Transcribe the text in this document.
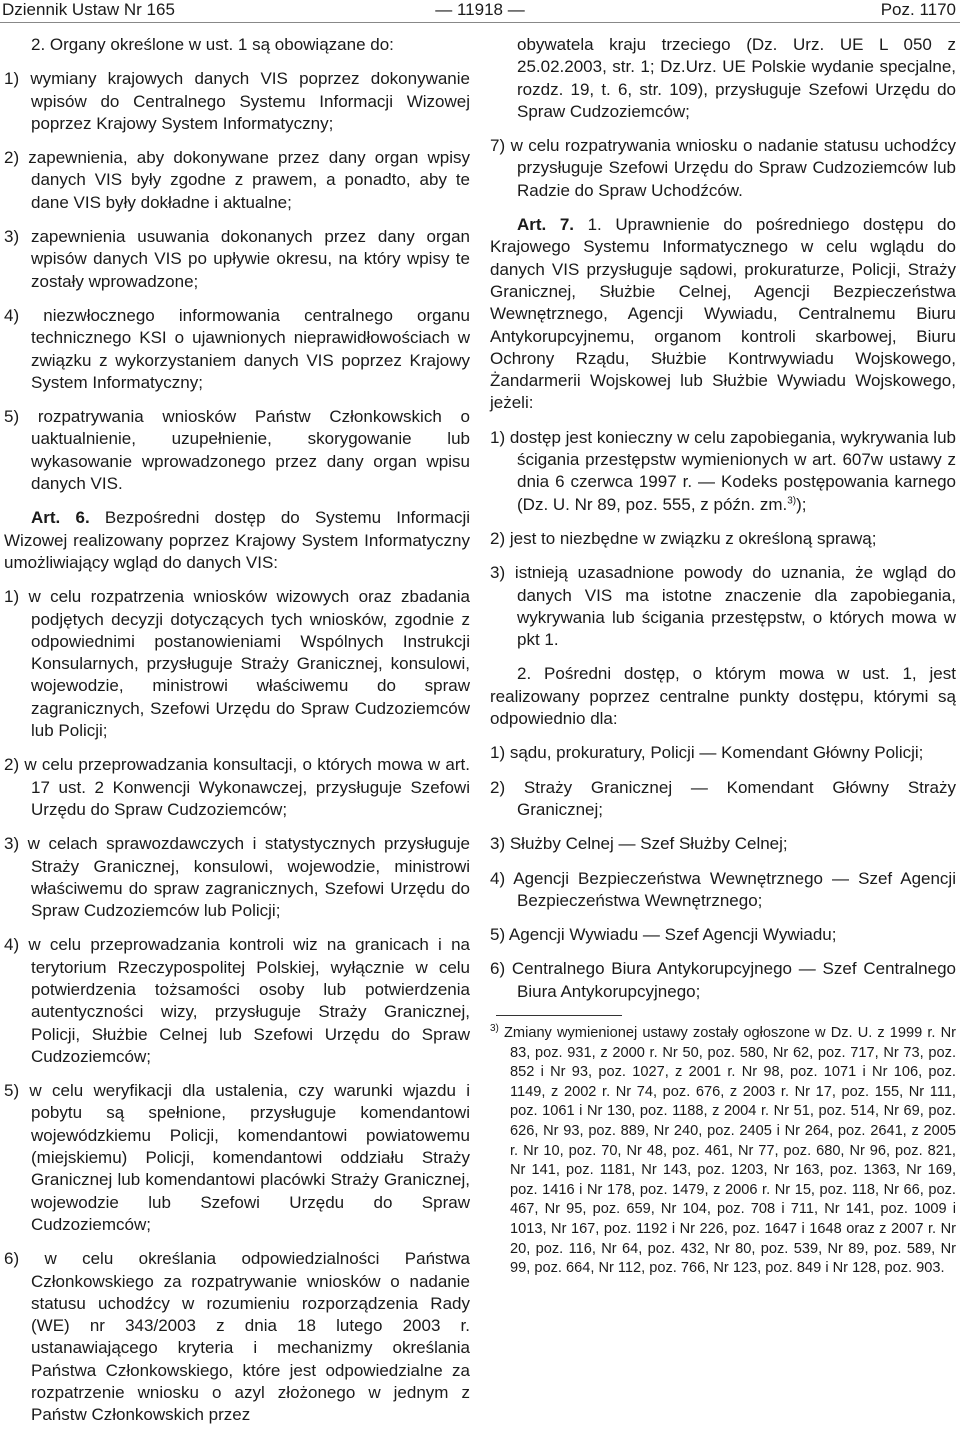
— 11918 —
Dziennik Ustaw Nr 165	Poz. 1170

2. Organy określone w ust. 1 są obowiązane do:

1) wymiany krajowych danych VIS poprzez dokonywanie wpisów do Centralnego Systemu Informacji Wizowej poprzez Krajowy System Informatyczny;

2) zapewnienia, aby dokonywane przez dany organ wpisy danych VIS były zgodne z prawem, a ponadto, aby te dane VIS były dokładne i aktualne;

3) zapewnienia usuwania dokonanych przez dany organ wpisów danych VIS po upływie okresu, na który wpisy te zostały wprowadzone;

4) niezwłocznego informowania centralnego organu technicznego KSI o ujawnionych nieprawidłowościach w związku z wykorzystaniem danych VIS poprzez Krajowy System Informatyczny;

5) rozpatrywania wniosków Państw Członkowskich o uaktualnienie, uzupełnienie, skorygowanie lub wykasowanie wprowadzonego przez dany organ wpisu danych VIS.

Art. 6. Bezpośredni dostęp do Systemu Informacji Wizowej realizowany poprzez Krajowy System Informatyczny umożliwiający wgląd do danych VIS:

1) w celu rozpatrzenia wniosków wizowych oraz zbadania podjętych decyzji dotyczących tych wniosków, zgodnie z odpowiednimi postanowieniami Wspólnych Instrukcji Konsularnych, przysługuje Straży Granicznej, konsulowi, wojewodzie, ministrowi właściwemu do spraw zagranicznych, Szefowi Urzędu do Spraw Cudzoziemców lub Policji;

2) w celu przeprowadzania konsultacji, o których mowa w art. 17 ust. 2 Konwencji Wykonawczej, przysługuje Szefowi Urzędu do Spraw Cudzoziemców;

3) w celach sprawozdawczych i statystycznych przysługuje Straży Granicznej, konsulowi, wojewodzie, ministrowi właściwemu do spraw zagranicznych, Szefowi Urzędu do Spraw Cudzoziemców lub Policji;

4) w celu przeprowadzania kontroli wiz na granicach i na terytorium Rzeczypospolitej Polskiej, wyłącznie w celu potwierdzenia tożsamości osoby lub potwierdzenia autentyczności wizy, przysługuje Straży Granicznej, Policji, Służbie Celnej lub Szefowi Urzędu do Spraw Cudzoziemców;

5) w celu weryfikacji dla ustalenia, czy warunki wjazdu i pobytu są spełnione, przysługuje komendantowi wojewódzkiemu Policji, komendantowi powiatowemu (miejskiemu) Policji, komendantowi oddziału Straży Granicznej lub komendantowi placówki Straży Granicznej, wojewodzie lub Szefowi Urzędu do Spraw Cudzoziemców;

6) w celu określania odpowiedzialności Państwa Członkowskiego za rozpatrywanie wniosków o nadanie statusu uchodźcy w rozumieniu rozporządzenia Rady (WE) nr 343/2003 z dnia 18 lutego 2003 r. ustanawiającego kryteria i mechanizmy określania Państwa Członkowskiego, które jest odpowiedzialne za rozpatrzenie wniosku o azyl złożonego w jednym z Państw Członkowskich przez

obywatela kraju trzeciego (Dz. Urz. UE L 050 z 25.02.2003, str. 1; Dz.Urz. UE Polskie wydanie specjalne, rozdz. 19, t. 6, str. 109), przysługuje Szefowi Urzędu do Spraw Cudzoziemców;

7) w celu rozpatrywania wniosku o nadanie statusu uchodźcy przysługuje Szefowi Urzędu do Spraw Cudzoziemców lub Radzie do Spraw Uchodźców.

Art. 7. 1. Uprawnienie do pośredniego dostępu do Krajowego Systemu Informatycznego w celu wglądu do danych VIS przysługuje sądowi, prokuraturze, Policji, Straży Granicznej, Służbie Celnej, Agencji Bezpieczeństwa Wewnętrznego, Agencji Wywiadu, Centralnemu Biuru Antykorupcyjnemu, organom kontroli skarbowej, Biuru Ochrony Rządu, Służbie Kontrwywiadu Wojskowego, Żandarmerii Wojskowej lub Służbie Wywiadu Wojskowego, jeżeli:

1) dostęp jest konieczny w celu zapobiegania, wykrywania lub ścigania przestępstw wymienionych w art. 607w ustawy z dnia 6 czerwca 1997 r. — Kodeks postępowania karnego (Dz. U. Nr 89, poz. 555, z późn. zm.$^{3)}$);

2) jest to niezbędne w związku z określoną sprawą;

3) istnieją uzasadnione powody do uznania, że wgląd do danych VIS ma istotne znaczenie dla zapobiegania, wykrywania lub ścigania przestępstw, o których mowa w pkt 1.

2. Pośredni dostęp, o którym mowa w ust. 1, jest realizowany poprzez centralne punkty dostępu, którymi są odpowiednio dla:

1) sądu, prokuratury, Policji — Komendant Główny Policji;

2) Straży Granicznej — Komendant Główny Straży Granicznej;

3) Służby Celnej — Szef Służby Celnej;

4) Agencji Bezpieczeństwa Wewnętrznego — Szef Agencji Bezpieczeństwa Wewnętrznego;

5) Agencji Wywiadu — Szef Agencji Wywiadu;

6) Centralnego Biura Antykorupcyjnego — Szef Centralnego Biura Antykorupcyjnego;

$^{3)}$ Zmiany wymienionej ustawy zostały ogłoszone w Dz. U. z 1999 r. Nr 83, poz. 931, z 2000 r. Nr 50, poz. 580, Nr 62, poz. 717, Nr 73, poz. 852 i Nr 93, poz. 1027, z 2001 r. Nr 98, poz. 1071 i Nr 106, poz. 1149, z 2002 r. Nr 74, poz. 676, z 2003 r. Nr 17, poz. 155, Nr 111, poz. 1061 i Nr 130, poz. 1188, z 2004 r. Nr 51, poz. 514, Nr 69, poz. 626, Nr 93, poz. 889, Nr 240, poz. 2405 i Nr 264, poz. 2641, z 2005 r. Nr 10, poz. 70, Nr 48, poz. 461, Nr 77, poz. 680, Nr 96, poz. 821, Nr 141, poz. 1181, Nr 143, poz. 1203, Nr 163, poz. 1363, Nr 169, poz. 1416 i Nr 178, poz. 1479, z 2006 r. Nr 15, poz. 118, Nr 66, poz. 467, Nr 95, poz. 659, Nr 104, poz. 708 i 711, Nr 141, poz. 1009 i 1013, Nr 167, poz. 1192 i Nr 226, poz. 1647 i 1648 oraz z 2007 r. Nr 20, poz. 116, Nr 64, poz. 432, Nr 80, poz. 539, Nr 89, poz. 589, Nr 99, poz. 664, Nr 112, poz. 766, Nr 123, poz. 849 i Nr 128, poz. 903.
